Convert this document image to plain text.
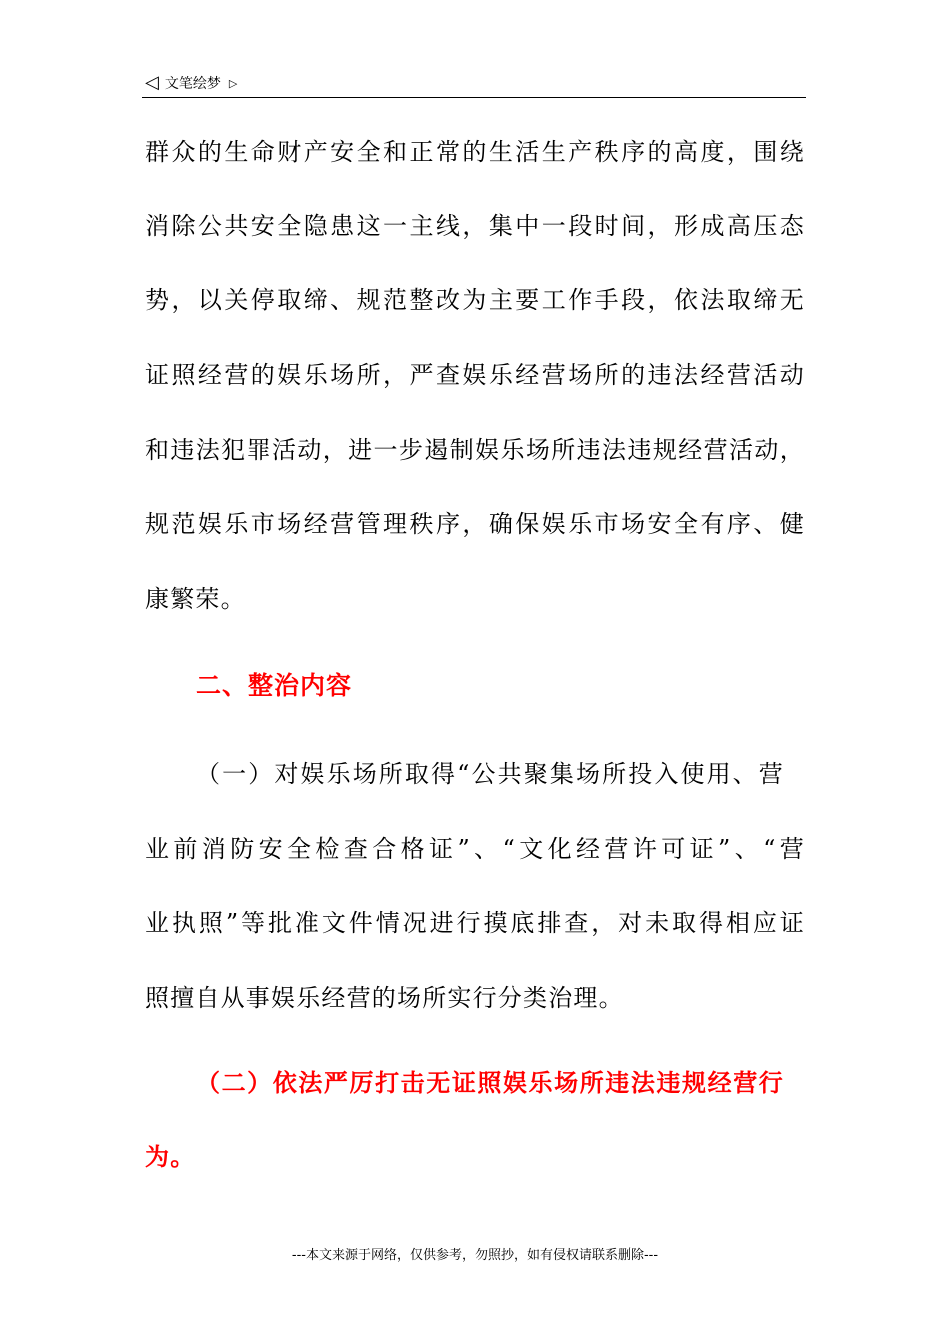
◁ 文笔绘梦 ▷
群众的生命财产安全和正常的生活生产秩序的高度，围绕
消除公共安全隐患这一主线，集中一段时间，形成高压态
势，以关停取缔、规范整改为主要工作手段，依法取缔无
证照经营的娱乐场所，严查娱乐经营场所的违法经营活动
和违法犯罪活动，进一步遏制娱乐场所违法违规经营活动，
规范娱乐市场经营管理秩序，确保娱乐市场安全有序、健
康繁荣。
二、整治内容
（一）对娱乐场所取得“公共聚集场所投入使用、营
业前消防安全检查合格证”、“文化经营许可证”、“营
业执照”等批准文件情况进行摸底排查，对未取得相应证
照擅自从事娱乐经营的场所实行分类治理。
（二）依法严厉打击无证照娱乐场所违法违规经营行
为。
---本文来源于网络，仅供参考，勿照抄，如有侵权请联系删除---
